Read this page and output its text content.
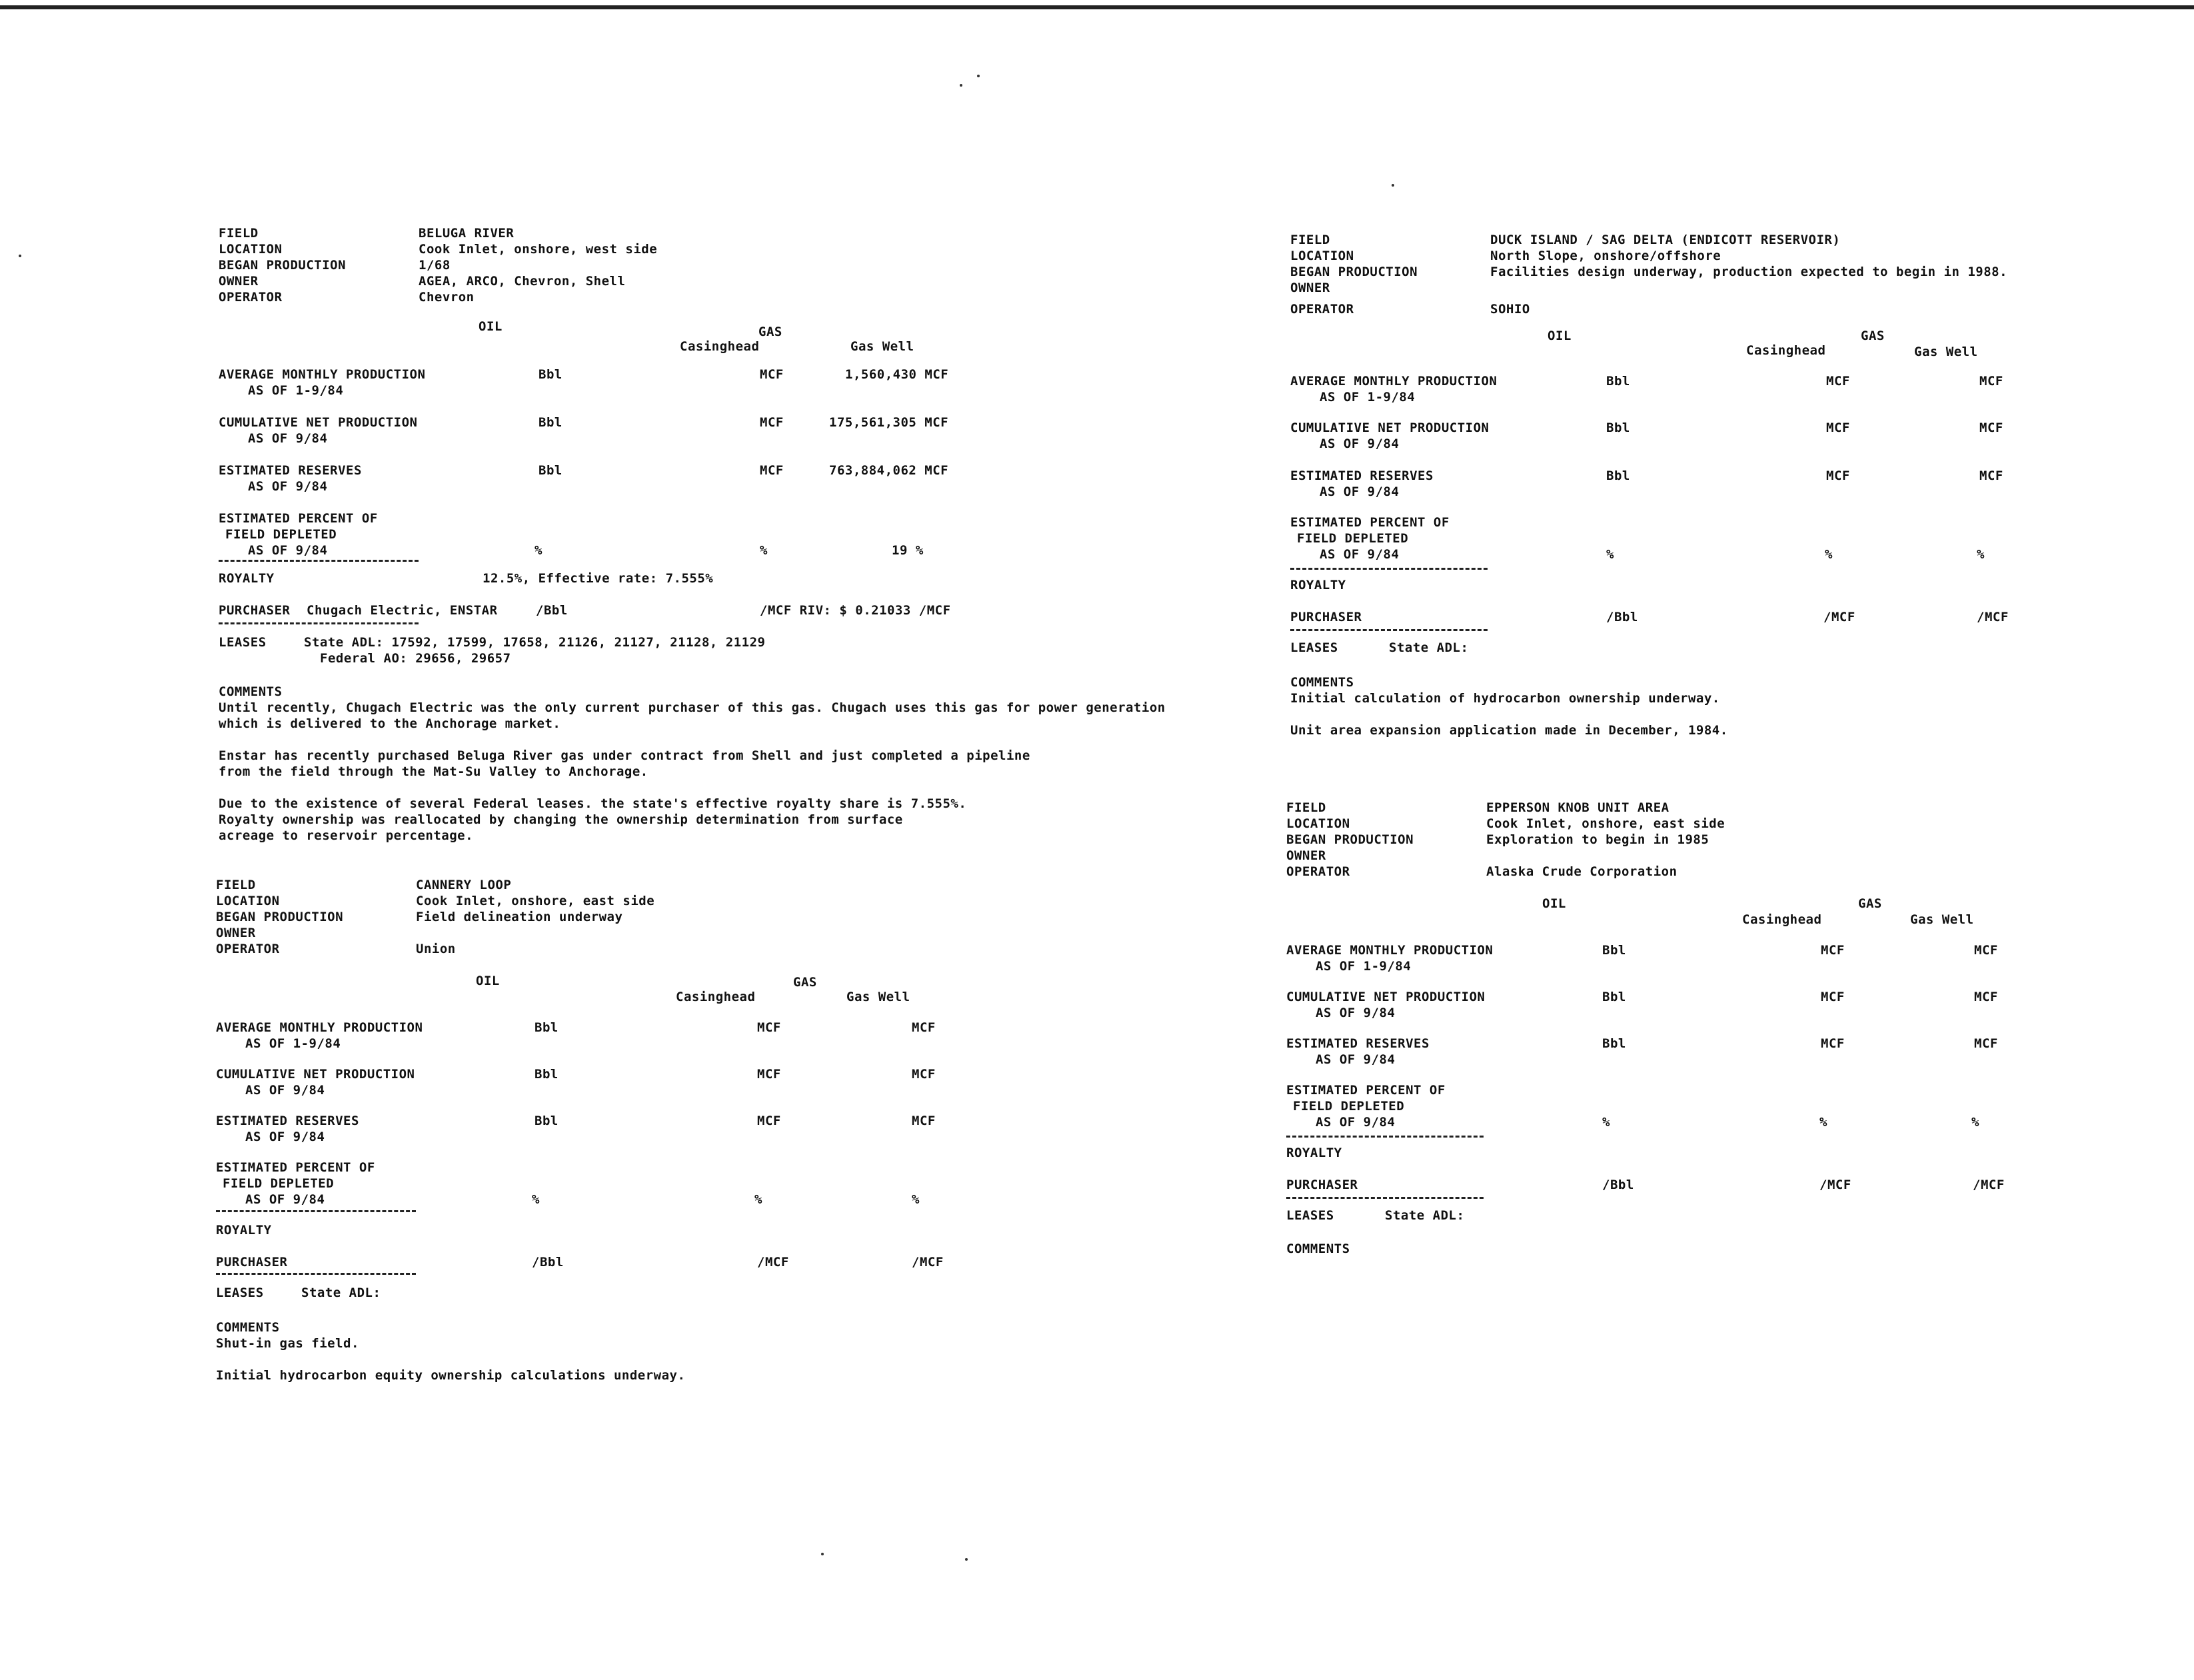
FIELD	BELUGA RIVER
LOCATION	Cook Inlet, onshore, west side
BEGAN PRODUCTION	1/68
OWNER	AGEA, ARCO, Chevron, Shell
OPERATOR	Chevron
OIL	GAS
Casinghead	Gas Well
AVERAGE MONTHLY PRODUCTION
AS OF 1-9/84
Bbl	MCF	1,560,430 MCF
CUMULATIVE NET PRODUCTION
AS OF 9/84
Bbl	MCF	175,561,305 MCF
ESTIMATED RESERVES
AS OF 9/84
Bbl	MCF	763,884,062 MCF
ESTIMATED PERCENT OF
FIELD DEPLETED
AS OF 9/84	%	%	19 %
ROYALTY	12.5%, Effective rate: 7.555%
PURCHASER Chugach Electric, ENSTAR	/Bbl	/MCF RIV: $ 0.21033 /MCF
LEASES	State ADL: 17592, 17599, 17658, 21126, 21127, 21128, 21129
Federal AO: 29656, 29657
COMMENTS

Until recently, Chugach Electric was the only current purchaser of this gas. Chugach uses this gas for power generation
which is delivered to the Anchorage market.

Enstar has recently purchased Beluga River gas under contract from Shell and just completed a pipeline
from the field through the Mat-Su Valley to Anchorage.

Due to the existence of several Federal leases. the state's effective royalty share is 7.555%.
Royalty ownership was reallocated by changing the ownership determination from surface
acreage to reservoir percentage.

FIELD	CANNERY LOOP
LOCATION	Cook Inlet, onshore, east side
BEGAN PRODUCTION	Field delineation underway
OWNER
OPERATOR	Union
OIL	GAS
Casinghead	Gas Well
AVERAGE MONTHLY PRODUCTION
AS OF 1-9/84
Bbl	MCF	MCF
CUMULATIVE NET PRODUCTION
AS OF 9/84
Bbl	MCF	MCF
ESTIMATED RESERVES
AS OF 9/84
Bbl	MCF	MCF
ESTIMATED PERCENT OF
FIELD DEPLETED
AS OF 9/84	%	%	%
ROYALTY
PURCHASER	/Bbl	/MCF	/MCF
LEASES	State ADL:
COMMENTS

Shut-in gas field.

Initial hydrocarbon equity ownership calculations underway.

FIELD	DUCK ISLAND / SAG DELTA (ENDICOTT RESERVOIR)
LOCATION	North Slope, onshore/offshore
BEGAN PRODUCTION	Facilities design underway, production expected to begin in 1988.
OWNER
OPERATOR	SOHIO
OIL	GAS
Casinghead	Gas Well
AVERAGE MONTHLY PRODUCTION
AS OF 1-9/84
Bbl	MCF	MCF
CUMULATIVE NET PRODUCTION
AS OF 9/84
Bbl	MCF	MCF
ESTIMATED RESERVES
AS OF 9/84
Bbl	MCF	MCF
ESTIMATED PERCENT OF
FIELD DEPLETED
AS OF 9/84	%	%	%
ROYALTY
PURCHASER	/Bbl	/MCF	/MCF
LEASES	State ADL:
COMMENTS

Initial calculation of hydrocarbon ownership underway.

Unit area expansion application made in December, 1984.

FIELD	EPPERSON KNOB UNIT AREA
LOCATION	Cook Inlet, onshore, east side
BEGAN PRODUCTION	Exploration to begin in 1985
OWNER
OPERATOR	Alaska Crude Corporation
OIL	GAS
Casinghead	Gas Well
AVERAGE MONTHLY PRODUCTION
AS OF 1-9/84
Bbl	MCF	MCF
CUMULATIVE NET PRODUCTION
AS OF 9/84
Bbl	MCF	MCF
ESTIMATED RESERVES
AS OF 9/84
Bbl	MCF	MCF
ESTIMATED PERCENT OF
FIELD DEPLETED
AS OF 9/84	%	%	%
ROYALTY
PURCHASER	/Bbl	/MCF	/MCF
LEASES	State ADL:
COMMENTS
